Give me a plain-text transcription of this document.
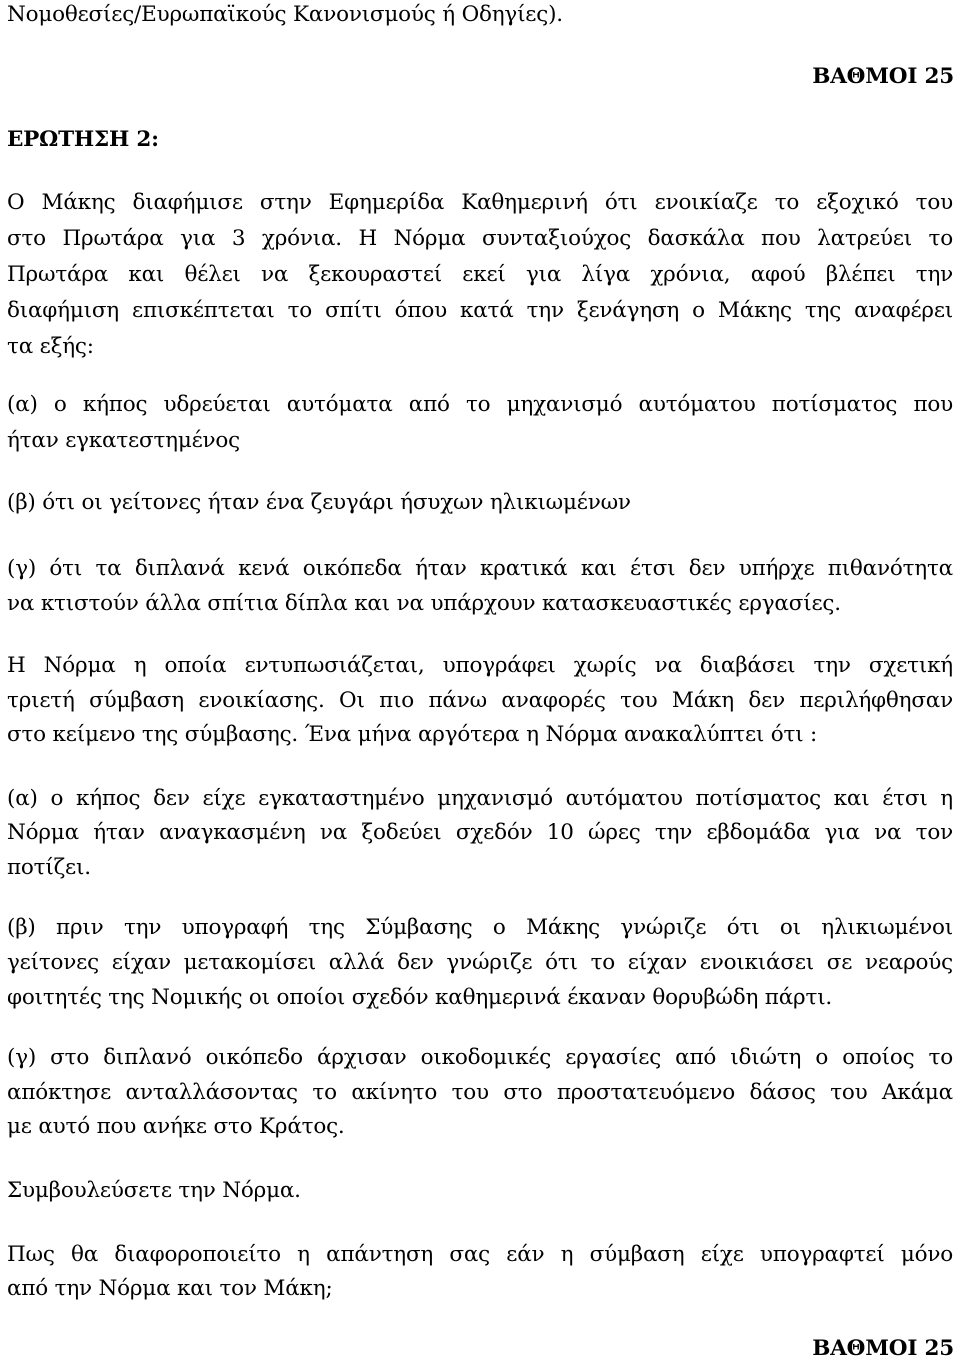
Νομοθεσίες/Ευρωπαϊκούς Κανονισμούς ή Οδηγίες).
ΒΑΘΜΟΙ 25
ΕΡΩΤΗΣΗ 2:
Ο Μάκης διαφήμισε στην Εφημερίδα Καθημερινή ότι ενοικίαζε το εξοχικό του
στο Πρωτάρα για 3 χρόνια. Η Νόρμα συνταξιούχος δασκάλα που λατρεύει το
Πρωτάρα και θέλει να ξεκουραστεί εκεί για λίγα χρόνια, αφού βλέπει την
διαφήμιση επισκέπτεται το σπίτι όπου κατά την ξενάγηση ο Μάκης της αναφέρει
τα εξής:
(α) ο κήπος υδρεύεται αυτόματα από το μηχανισμό αυτόματου ποτίσματος που
ήταν εγκατεστημένος
(β) ότι οι γείτονες ήταν ένα ζευγάρι ήσυχων ηλικιωμένων
(γ) ότι τα διπλανά κενά οικόπεδα ήταν κρατικά και έτσι δεν υπήρχε πιθανότητα
να κτιστούν άλλα σπίτια δίπλα και να υπάρχουν κατασκευαστικές εργασίες.
Η Νόρμα η οποία εντυπωσιάζεται, υπογράφει χωρίς να διαβάσει την σχετική
τριετή σύμβαση ενοικίασης. Οι πιο πάνω αναφορές του Μάκη δεν περιλήφθησαν
στο κείμενο της σύμβασης. Ένα μήνα αργότερα η Νόρμα ανακαλύπτει ότι :
(α) ο κήπος δεν είχε εγκαταστημένο μηχανισμό αυτόματου ποτίσματος και έτσι η
Νόρμα ήταν αναγκασμένη να ξοδεύει σχεδόν 10 ώρες την εβδομάδα για να τον
ποτίζει.
(β) πριν την υπογραφή της Σύμβασης ο Μάκης γνώριζε ότι οι ηλικιωμένοι
γείτονες είχαν μετακομίσει αλλά δεν γνώριζε ότι το είχαν ενοικιάσει σε νεαρούς
φοιτητές της Νομικής οι οποίοι σχεδόν καθημερινά έκαναν θορυβώδη πάρτι.
(γ) στο διπλανό οικόπεδο άρχισαν οικοδομικές εργασίες από ιδιώτη ο οποίος το
απόκτησε ανταλλάσοντας το ακίνητο του στο προστατευόμενο δάσος του Ακάμα
με αυτό που ανήκε στο Κράτος.
Συμβουλεύσετε την Νόρμα.
Πως θα διαφοροποιείτο η απάντηση σας εάν η σύμβαση είχε υπογραφτεί μόνο
από την Νόρμα και τον Μάκη;
ΒΑΘΜΟΙ 25
